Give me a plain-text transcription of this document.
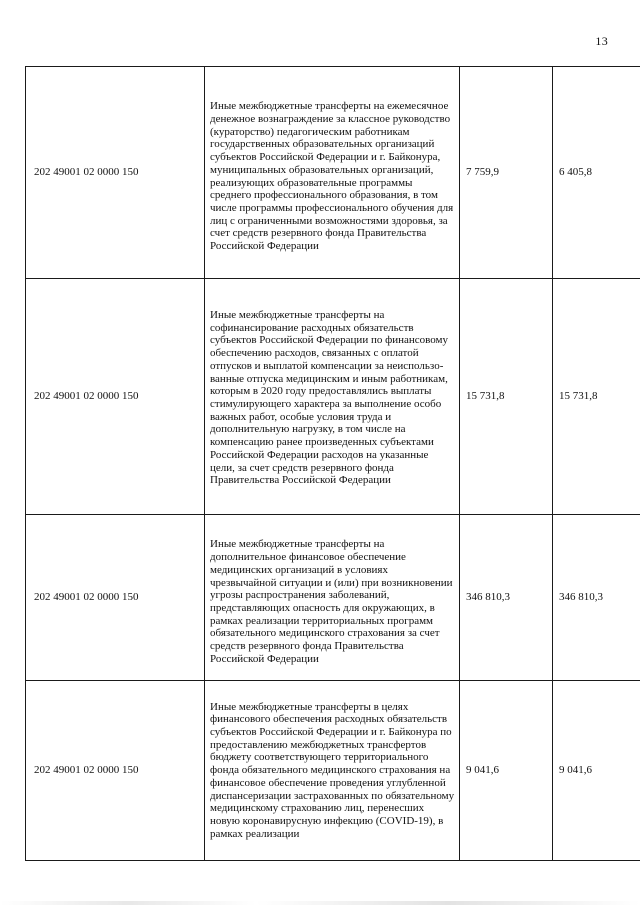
13
202 49001 02 0000 150	Иные межбюджетные трансферты на ежемесячное денежное вознаграждение за классное руководство (кураторство) педагогическим работникам государственных образовательных организаций субъектов Российской Федерации и г. Байконура, муниципальных образовательных организаций, реализующих образовательные программы среднего профессионального образования, в том числе программы профессионального обучения для лиц с ограниченными возможностями здоровья, за счет средств резервного фонда Правительства Российской Федерации	7 759,9	6 405,8
202 49001 02 0000 150	Иные межбюджетные трансферты на софинансирование расходных обязательств субъектов Российской Федерации по финансовому обеспечению расходов, связанных с оплатой отпусков и выплатой компенсации за неиспользо-ванные отпуска медицинским и иным работникам, которым в 2020 году предоставлялись выплаты стимулирующего характера за выполнение особо важных работ, особые условия труда и дополнительную нагрузку, в том числе на компенсацию ранее произведенных субъектами Российской Федерации расходов на указанные цели, за счет средств резервного фонда Правительства Российской Федерации	15 731,8	15 731,8
202 49001 02 0000 150	Иные межбюджетные трансферты на дополнительное финансовое обеспечение медицинских организаций в условиях чрезвычайной ситуации и (или) при возникновении угрозы распространения заболеваний, представляющих опасность для окружающих, в рамках реализации территориальных программ обязательного медицинского страхования за счет средств резервного фонда Правительства Российской Федерации	346 810,3	346 810,3
202 49001 02 0000 150	Иные межбюджетные трансферты в целях финансового обеспечения расходных обязательств субъектов Российской Федерации и г. Байконура по предоставлению межбюджетных трансфертов бюджету соответствующего территориального фонда обязательного медицинского страхования на финансовое обеспечение проведения углубленной диспансеризации застрахованных по обязательному медицинскому страхованию лиц, перенесших новую коронавирусную инфекцию (COVID-19), в рамках реализации	9 041,6	9 041,6
